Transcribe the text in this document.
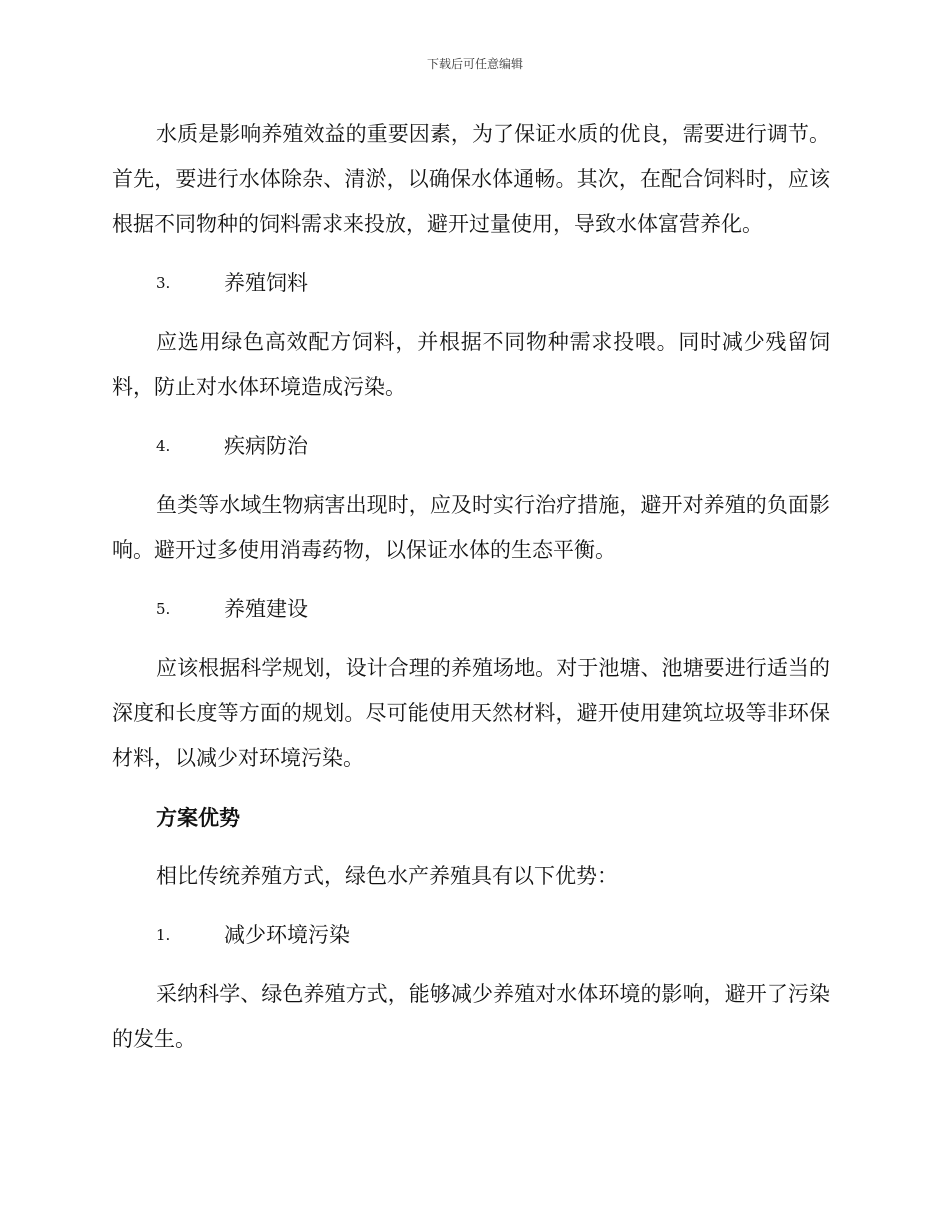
下载后可任意编辑

水质是影响养殖效益的重要因素，为了保证水质的优良，需要进行调节。首先，要进行水体除杂、清淤，以确保水体通畅。其次，在配合饲料时，应该根据不同物种的饲料需求来投放，避开过量使用，导致水体富营养化。

3.	养殖饲料

应选用绿色高效配方饲料，并根据不同物种需求投喂。同时减少残留饲料，防止对水体环境造成污染。

4.	疾病防治

鱼类等水域生物病害出现时，应及时实行治疗措施，避开对养殖的负面影响。避开过多使用消毒药物，以保证水体的生态平衡。

5.	养殖建设

应该根据科学规划，设计合理的养殖场地。对于池塘、池塘要进行适当的深度和长度等方面的规划。尽可能使用天然材料，避开使用建筑垃圾等非环保材料，以减少对环境污染。

方案优势

相比传统养殖方式，绿色水产养殖具有以下优势：

1.	减少环境污染

采纳科学、绿色养殖方式，能够减少养殖对水体环境的影响，避开了污染的发生。
